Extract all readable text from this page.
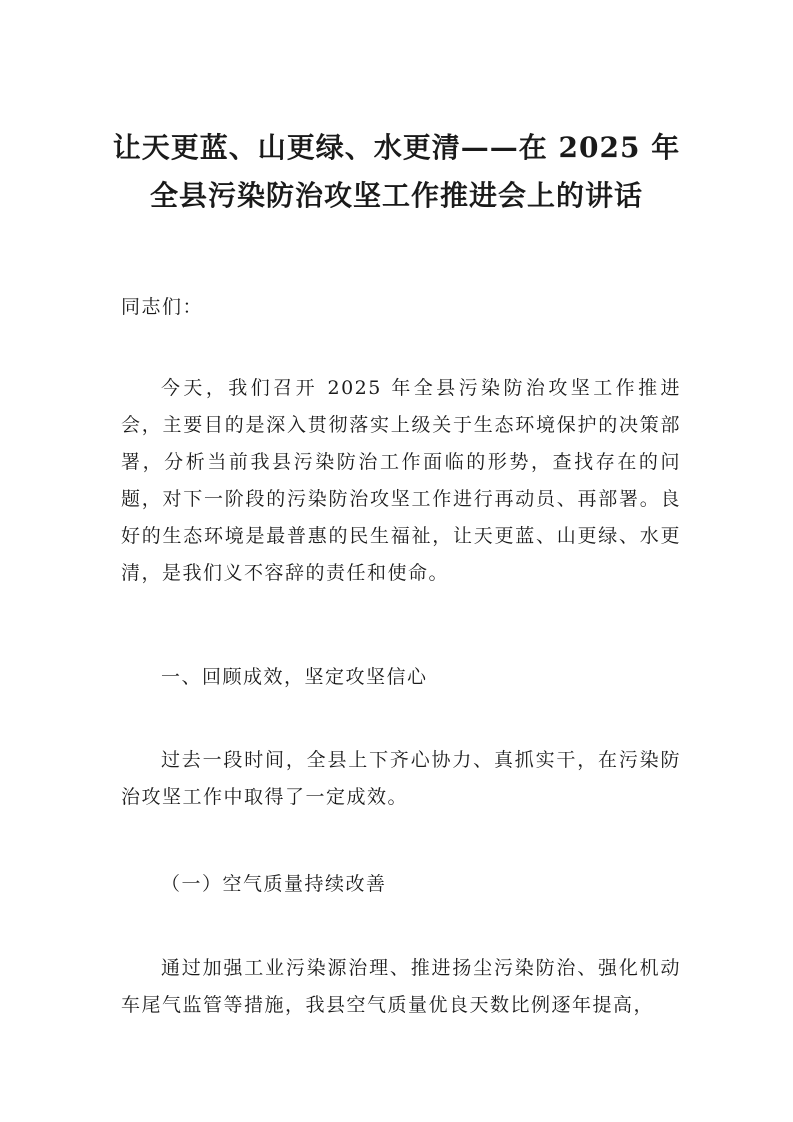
让天更蓝、山更绿、水更清——在 2025 年
全县污染防治攻坚工作推进会上的讲话

同志们：

今天，我们召开 2025 年全县污染防治攻坚工作推进会，主要目的是深入贯彻落实上级关于生态环境保护的决策部署，分析当前我县污染防治工作面临的形势，查找存在的问题，对下一阶段的污染防治攻坚工作进行再动员、再部署。良好的生态环境是最普惠的民生福祉，让天更蓝、山更绿、水更清，是我们义不容辞的责任和使命。

一、回顾成效，坚定攻坚信心

过去一段时间，全县上下齐心协力、真抓实干，在污染防治攻坚工作中取得了一定成效。

（一）空气质量持续改善

通过加强工业污染源治理、推进扬尘污染防治、强化机动车尾气监管等措施，我县空气质量优良天数比例逐年提高，
